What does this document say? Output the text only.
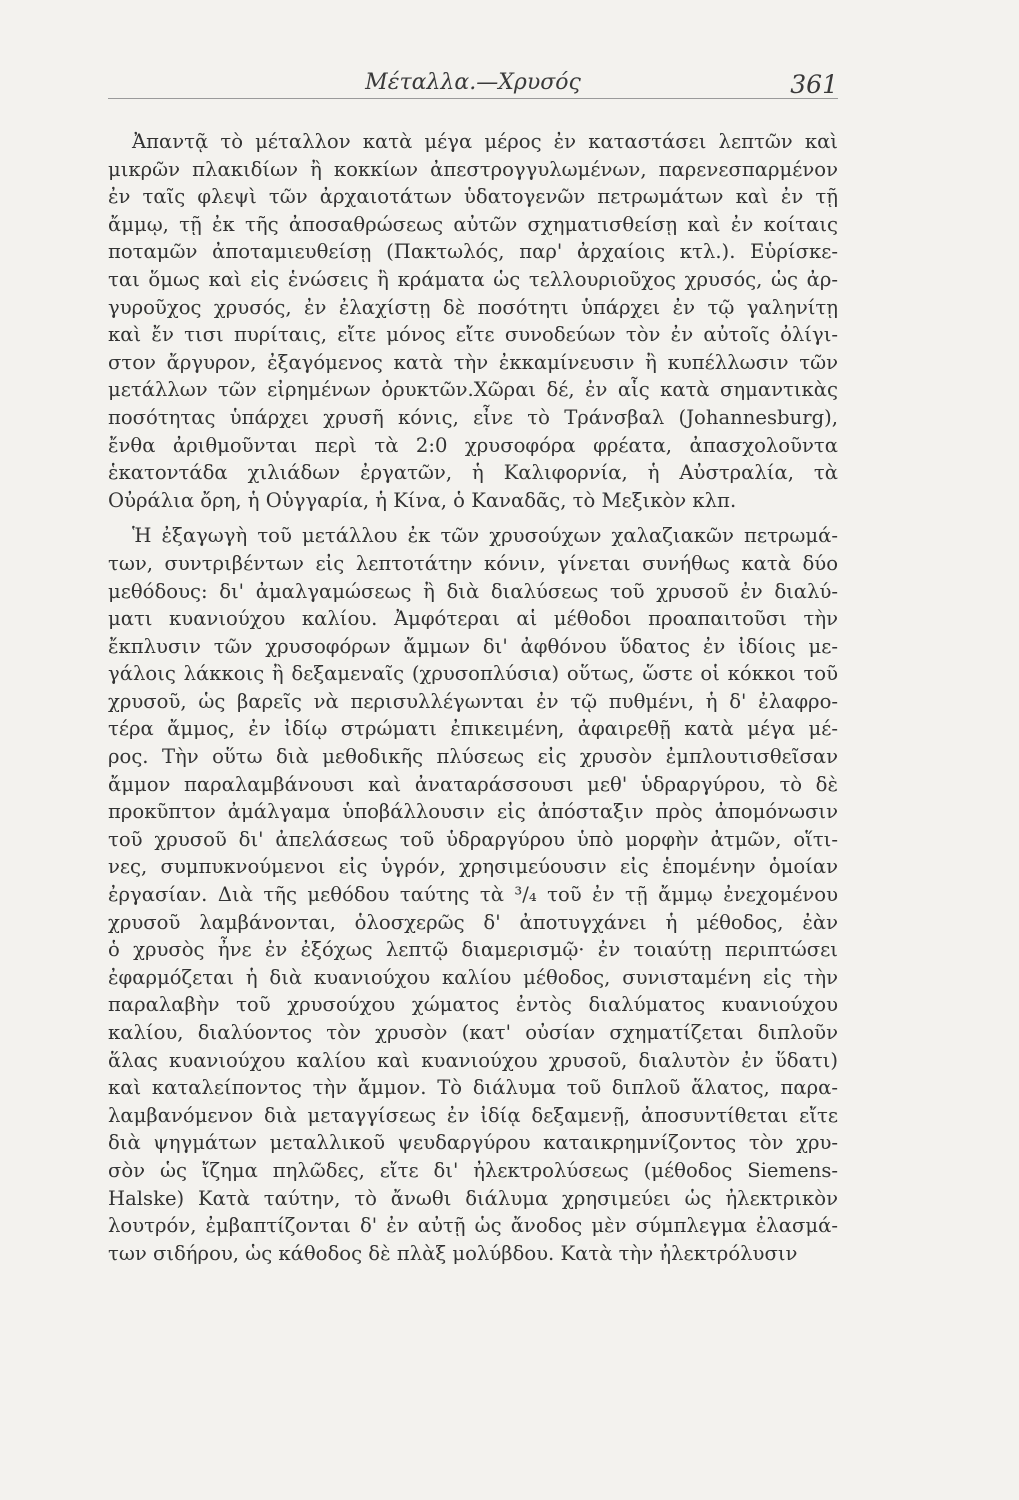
Μέταλλα.—Χρυσός	361
Ἀπαντᾷ τὸ μέταλλον κατὰ μέγα μέρος ἐν καταστάσει λεπτῶν καὶ
μικρῶν πλακιδίων ἢ κοκκίων ἀπεστρογγυλωμένων, παρενεσπαρμένον
ἐν ταῖς φλεψὶ τῶν ἀρχαιοτάτων ὑδατογενῶν πετρωμάτων καὶ ἐν τῇ
ἄμμῳ, τῇ ἐκ τῆς ἀποσαθρώσεως αὐτῶν σχηματισθείσῃ καὶ ἐν κοίταις
ποταμῶν ἀποταμιευθείσῃ (Πακτωλός, παρ' ἀρχαίοις κτλ.). Εὑρίσκε-
ται ὅμως καὶ εἰς ἑνώσεις ἢ κράματα ὡς τελλουριοῦχος χρυσός, ὡς ἀρ-
γυροῦχος χρυσός, ἐν ἐλαχίστῃ δὲ ποσότητι ὑπάρχει ἐν τῷ γαληνίτῃ
καὶ ἔν τισι πυρίταις, εἴτε μόνος εἴτε συνοδεύων τὸν ἐν αὐτοῖς ὀλίγι-
στον ἄργυρον, ἐξαγόμενος κατὰ τὴν ἐκκαμίνευσιν ἢ κυπέλλωσιν τῶν
μετάλλων τῶν εἰρημένων ὀρυκτῶν.Χῶραι δέ, ἐν αἷς κατὰ σημαντικὰς
ποσότητας ὑπάρχει χρυσῆ κόνις, εἶνε τὸ Τράνσβαλ (Johannesburg),
ἔνθα ἀριθμοῦνται περὶ τὰ 2:0 χρυσοφόρα φρέατα, ἀπασχολοῦντα
ἑκατοντάδα χιλιάδων ἐργατῶν, ἡ Καλιφορνία, ἡ Αὐστραλία, τὰ
Οὐράλια ὄρη, ἡ Οὑγγαρία, ἡ Κίνα, ὁ Καναδᾶς, τὸ Μεξικὸν κλπ.
Ἡ ἐξαγωγὴ τοῦ μετάλλου ἐκ τῶν χρυσούχων χαλαζιακῶν πετρωμά-
των, συντριβέντων εἰς λεπτοτάτην κόνιν, γίνεται συνήθως κατὰ δύο
μεθόδους: δι' ἀμαλγαμώσεως ἢ διὰ διαλύσεως τοῦ χρυσοῦ ἐν διαλύ-
ματι κυανιούχου καλίου. Ἀμφότεραι αἱ μέθοδοι προαπαιτοῦσι τὴν
ἔκπλυσιν τῶν χρυσοφόρων ἄμμων δι' ἀφθόνου ὕδατος ἐν ἰδίοις με-
γάλοις λάκκοις ἢ δεξαμεναῖς (χρυσοπλύσια) οὕτως, ὥστε οἱ κόκκοι τοῦ
χρυσοῦ, ὡς βαρεῖς νὰ περισυλλέγωνται ἐν τῷ πυθμένι, ἡ δ' ἐλαφρο-
τέρα ἄμμος, ἐν ἰδίῳ στρώματι ἐπικειμένη, ἀφαιρεθῇ κατὰ μέγα μέ-
ρος. Τὴν οὕτω διὰ μεθοδικῆς πλύσεως εἰς χρυσὸν ἐμπλουτισθεῖσαν
ἄμμον παραλαμβάνουσι καὶ ἀναταράσσουσι μεθ' ὑδραργύρου, τὸ δὲ
προκῦπτον ἀμάλγαμα ὑποβάλλουσιν εἰς ἀπόσταξιν πρὸς ἀπομόνωσιν
τοῦ χρυσοῦ δι' ἀπελάσεως τοῦ ὑδραργύρου ὑπὸ μορφὴν ἀτμῶν, οἵτι-
νες, συμπυκνούμενοι εἰς ὑγρόν, χρησιμεύουσιν εἰς ἑπομένην ὁμοίαν
ἐργασίαν. Διὰ τῆς μεθόδου ταύτης τὰ ³/₄ τοῦ ἐν τῇ ἄμμῳ ἐνεχομένου
χρυσοῦ λαμβάνονται, ὁλοσχερῶς δ' ἀποτυγχάνει ἡ μέθοδος, ἐὰν
ὁ χρυσὸς ἦνε ἐν ἐξόχως λεπτῷ διαμερισμῷ· ἐν τοιαύτῃ περιπτώσει
ἐφαρμόζεται ἡ διὰ κυανιούχου καλίου μέθοδος, συνισταμένη εἰς τὴν
παραλαβὴν τοῦ χρυσούχου χώματος ἐντὸς διαλύματος κυανιούχου
καλίου, διαλύοντος τὸν χρυσὸν (κατ' οὐσίαν σχηματίζεται διπλοῦν
ἅλας κυανιούχου καλίου καὶ κυανιούχου χρυσοῦ, διαλυτὸν ἐν ὕδατι)
καὶ καταλείποντος τὴν ἄμμον. Τὸ διάλυμα τοῦ διπλοῦ ἅλατος, παρα-
λαμβανόμενον διὰ μεταγγίσεως ἐν ἰδίᾳ δεξαμενῇ, ἀποσυντίθεται εἴτε
διὰ ψηγμάτων μεταλλικοῦ ψευδαργύρου καταικρημνίζοντος τὸν χρυ-
σὸν ὡς ἴζημα πηλῶδες, εἴτε δι' ἠλεκτρολύσεως (μέθοδος Siemens-
Halske) Κατὰ ταύτην, τὸ ἄνωθι διάλυμα χρησιμεύει ὡς ἠλεκτρικὸν
λουτρόν, ἐμβαπτίζονται δ' ἐν αὐτῇ ὡς ἄνοδος μὲν σύμπλεγμα ἐλασμά-
των σιδήρου, ὡς κάθοδος δὲ πλὰξ μολύβδου. Κατὰ τὴν ἠλεκτρόλυσιν
